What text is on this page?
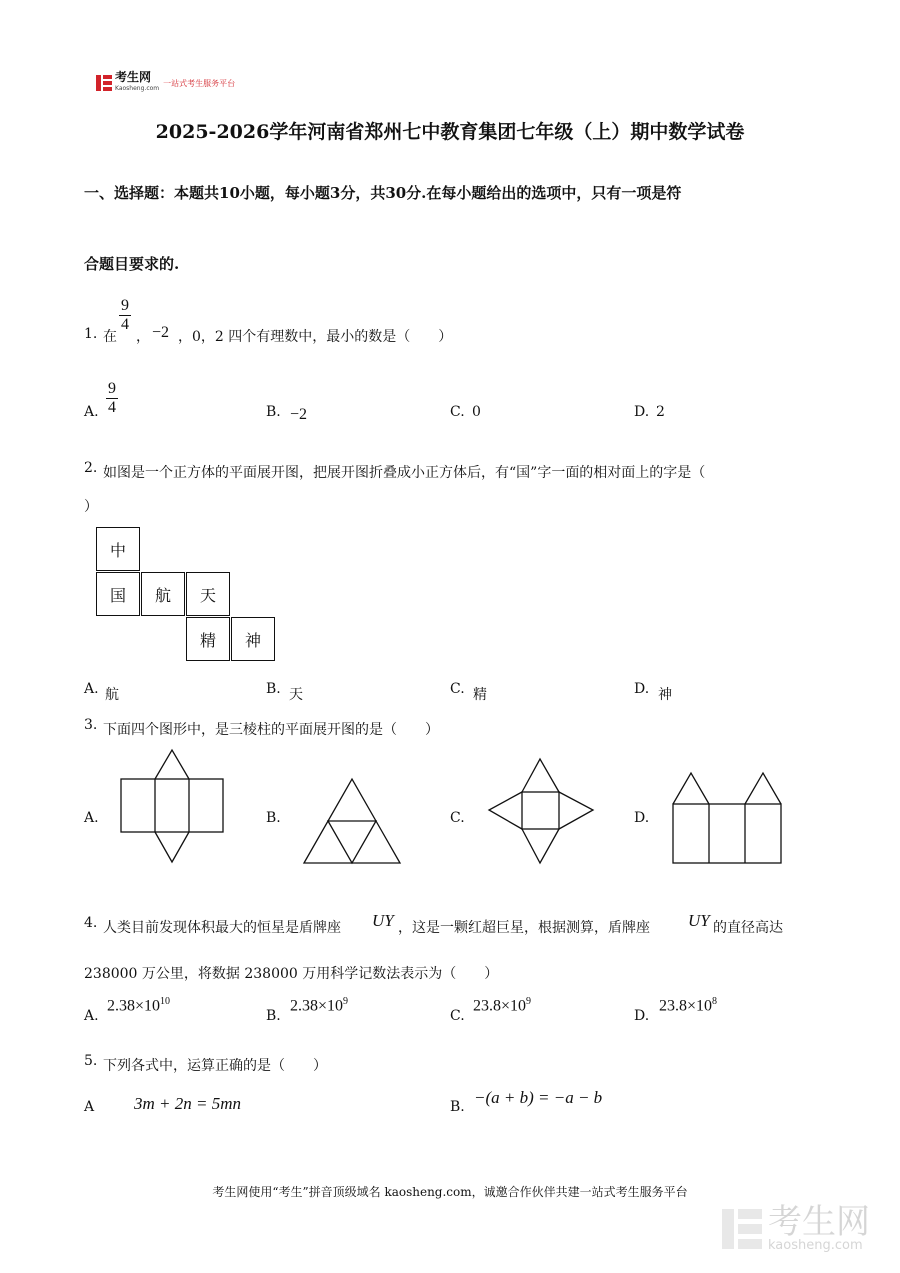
考生网
Kaosheng.com
一站式考生服务平台
2025-2026学年河南省郑州七中教育集团七年级（上）期中数学试卷
一、选择题：本题共10小题，每小题3分，共30分.在每小题给出的选项中，只有一项是符
合题目要求的.
1. 在
$\frac{9}{4}$
， −2 ，0，2 四个有理数中，最小的数是（　　）
A. $\frac{9}{4}$	B. −2	C. 0	D. 2
2. 如图是一个正方体的平面展开图，把展开图折叠成小正方体后，有“国”字一面的相对面上的字是（
）
中
国	航	天
精	神
A. 航	B. 天	C. 精	D. 神
3. 下面四个图形中，是三棱柱的平面展开图的是（　　）
A.	B.	C.	D.
4. 人类目前发现体积最大的恒星是盾牌座 UY ，这是一颗红超巨星，根据测算，盾牌座 UY 的直径高达
238000 万公里，将数据 238000 万用科学记数法表示为（　　）
A.
$2.38\times 10^{10}$
B.
$2.38\times 10^9$
C.
$23.8\times 10^9$
D.
$23.8\times 10^8$
5. 下列各式中，运算正确的是（　　）
A 3m + 2n = 5mn	B. −(a + b) = −a − b
考生网使用“考生”拼音顶级域名 kaosheng.com，诚邀合作伙伴共建一站式考生服务平台
考生网
kaosheng.com
